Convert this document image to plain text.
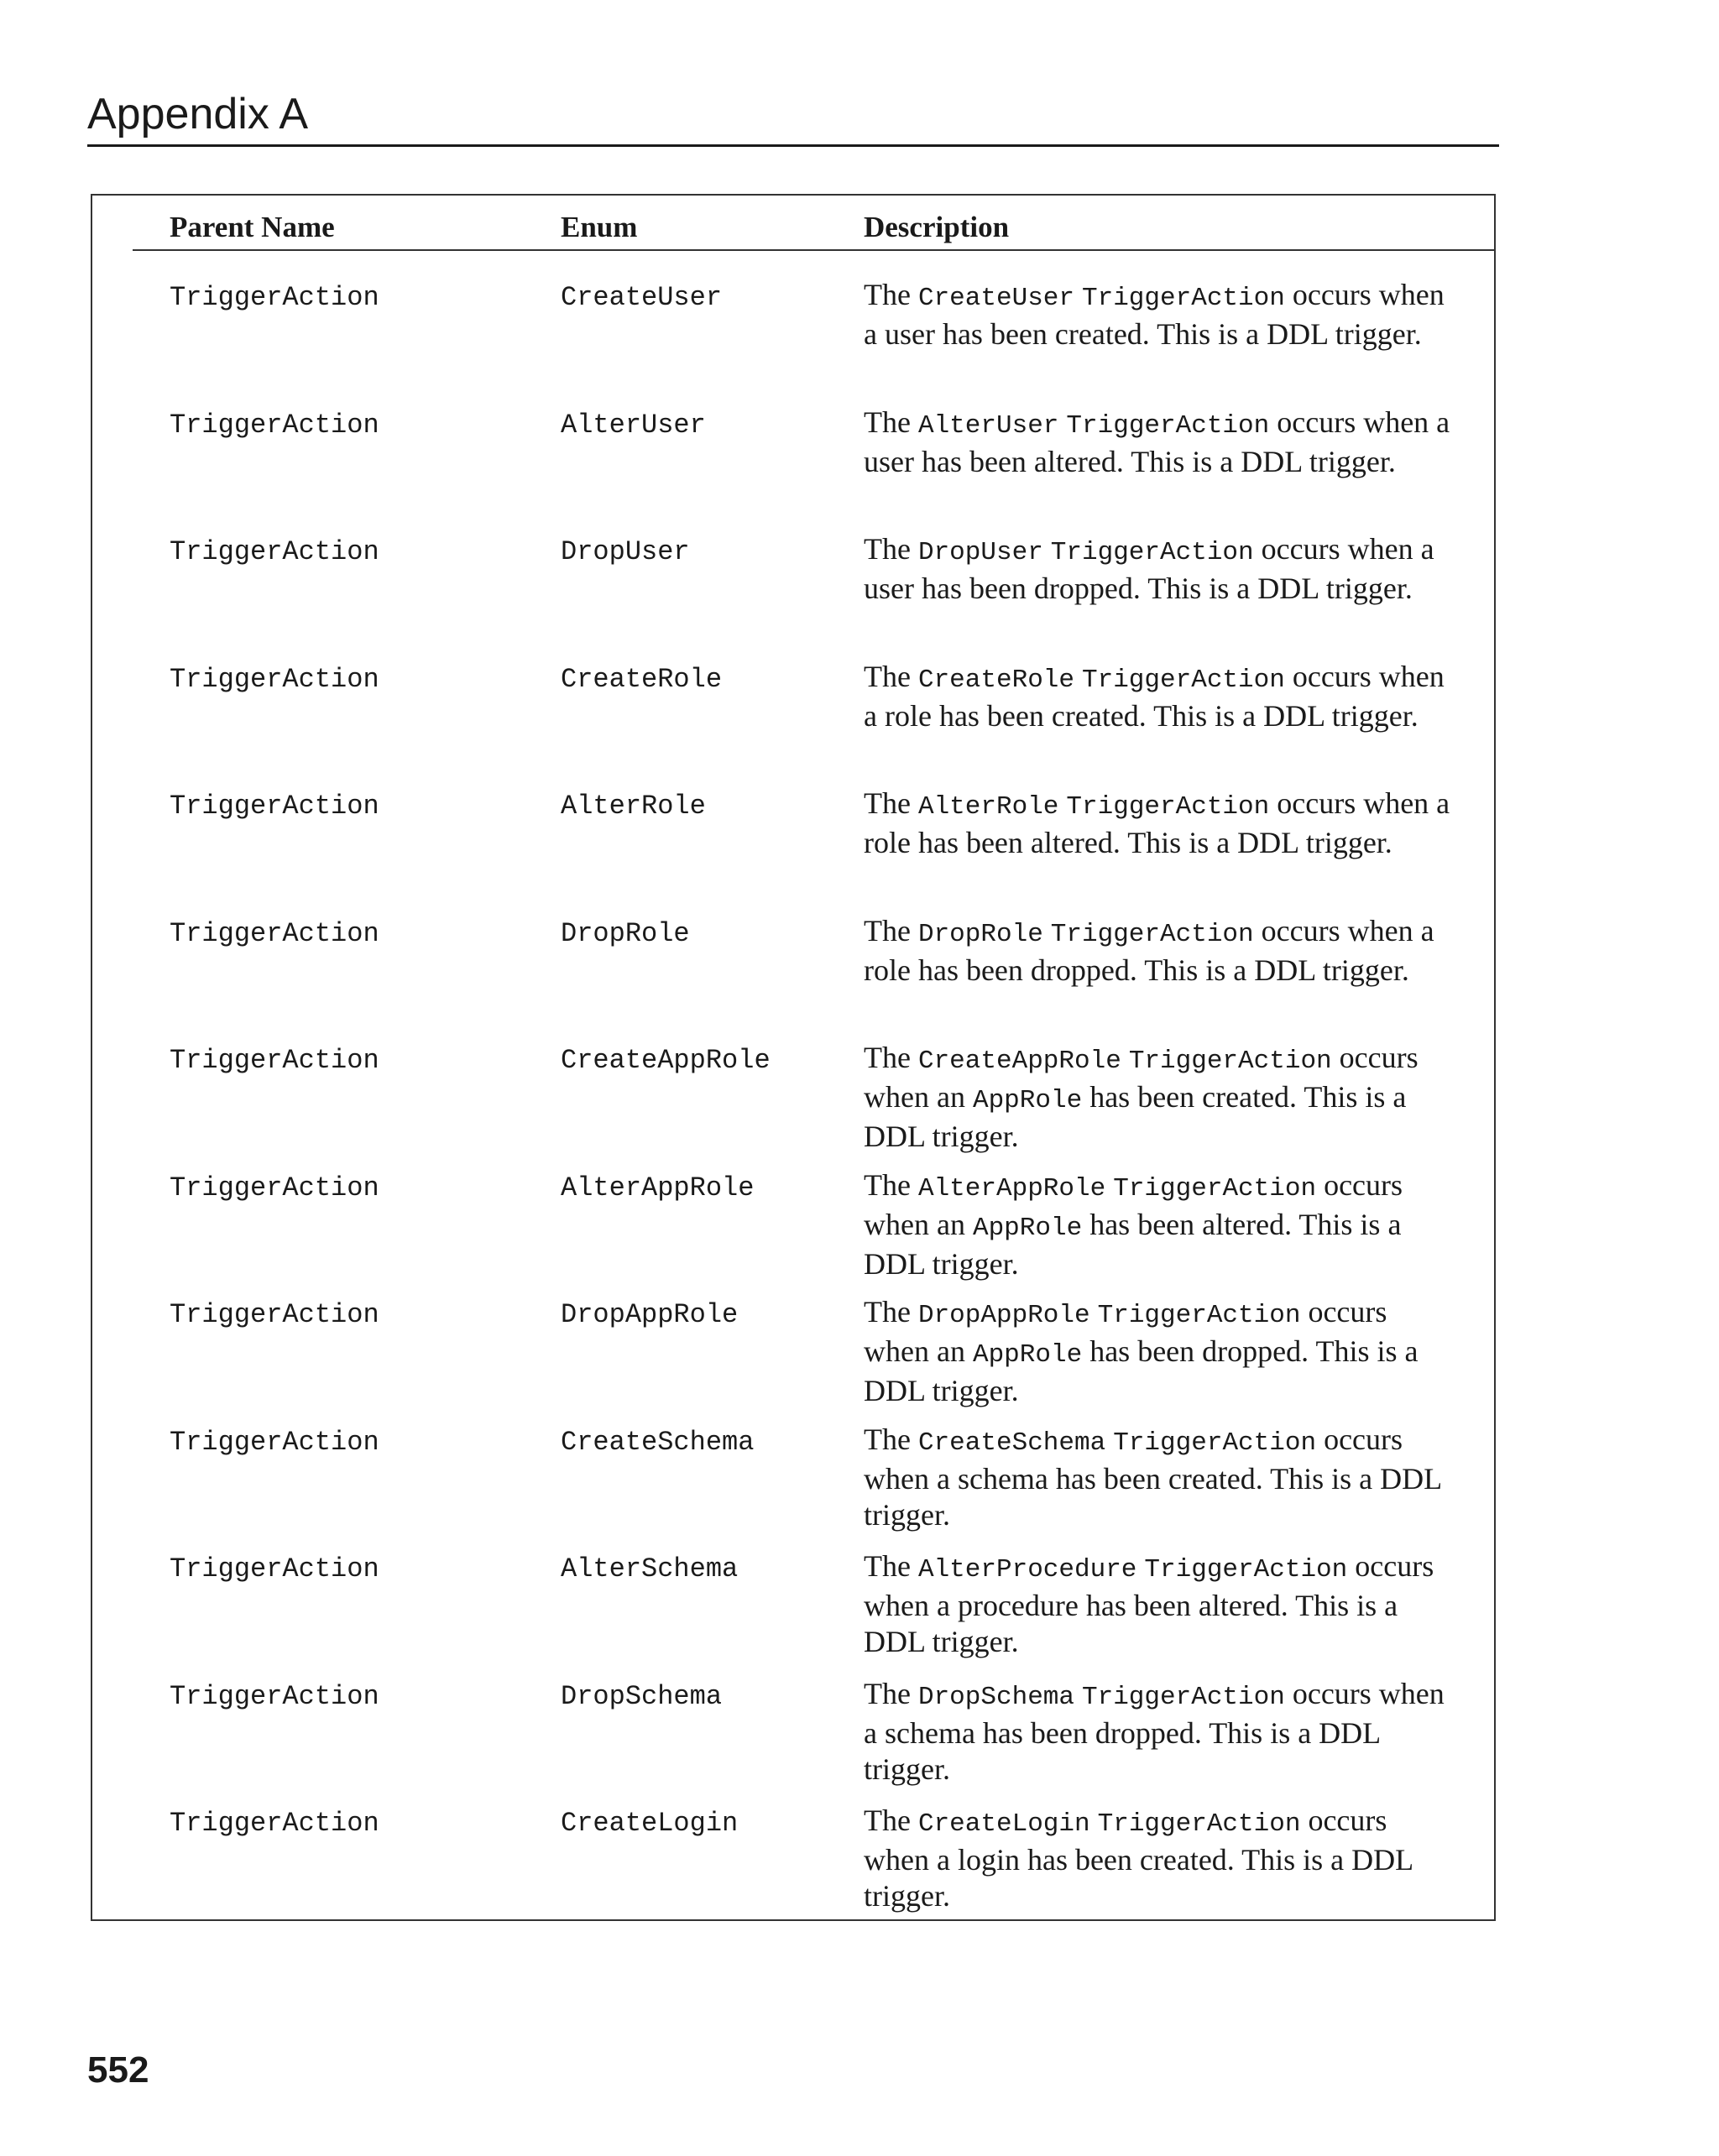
Appendix A
Parent Name	Enum	Description
TriggerAction	CreateUser	The CreateUser TriggerAction occurs when a user has been created. This is a DDL trigger.
TriggerAction	AlterUser	The AlterUser TriggerAction occurs when a user has been altered. This is a DDL trigger.
TriggerAction	DropUser	The DropUser TriggerAction occurs when a user has been dropped. This is a DDL trigger.
TriggerAction	CreateRole	The CreateRole TriggerAction occurs when a role has been created. This is a DDL trigger.
TriggerAction	AlterRole	The AlterRole TriggerAction occurs when a role has been altered. This is a DDL trigger.
TriggerAction	DropRole	The DropRole TriggerAction occurs when a role has been dropped. This is a DDL trigger.
TriggerAction	CreateAppRole	The CreateAppRole TriggerAction occurs when an AppRole has been created. This is a DDL trigger.
TriggerAction	AlterAppRole	The AlterAppRole TriggerAction occurs when an AppRole has been altered. This is a DDL trigger.
TriggerAction	DropAppRole	The DropAppRole TriggerAction occurs when an AppRole has been dropped. This is a DDL trigger.
TriggerAction	CreateSchema	The CreateSchema TriggerAction occurs when a schema has been created. This is a DDL trigger.
TriggerAction	AlterSchema	The AlterProcedure TriggerAction occurs when a procedure has been altered. This is a DDL trigger.
TriggerAction	DropSchema	The DropSchema TriggerAction occurs when a schema has been dropped. This is a DDL trigger.
TriggerAction	CreateLogin	The CreateLogin TriggerAction occurs when a login has been created. This is a DDL trigger.
552
